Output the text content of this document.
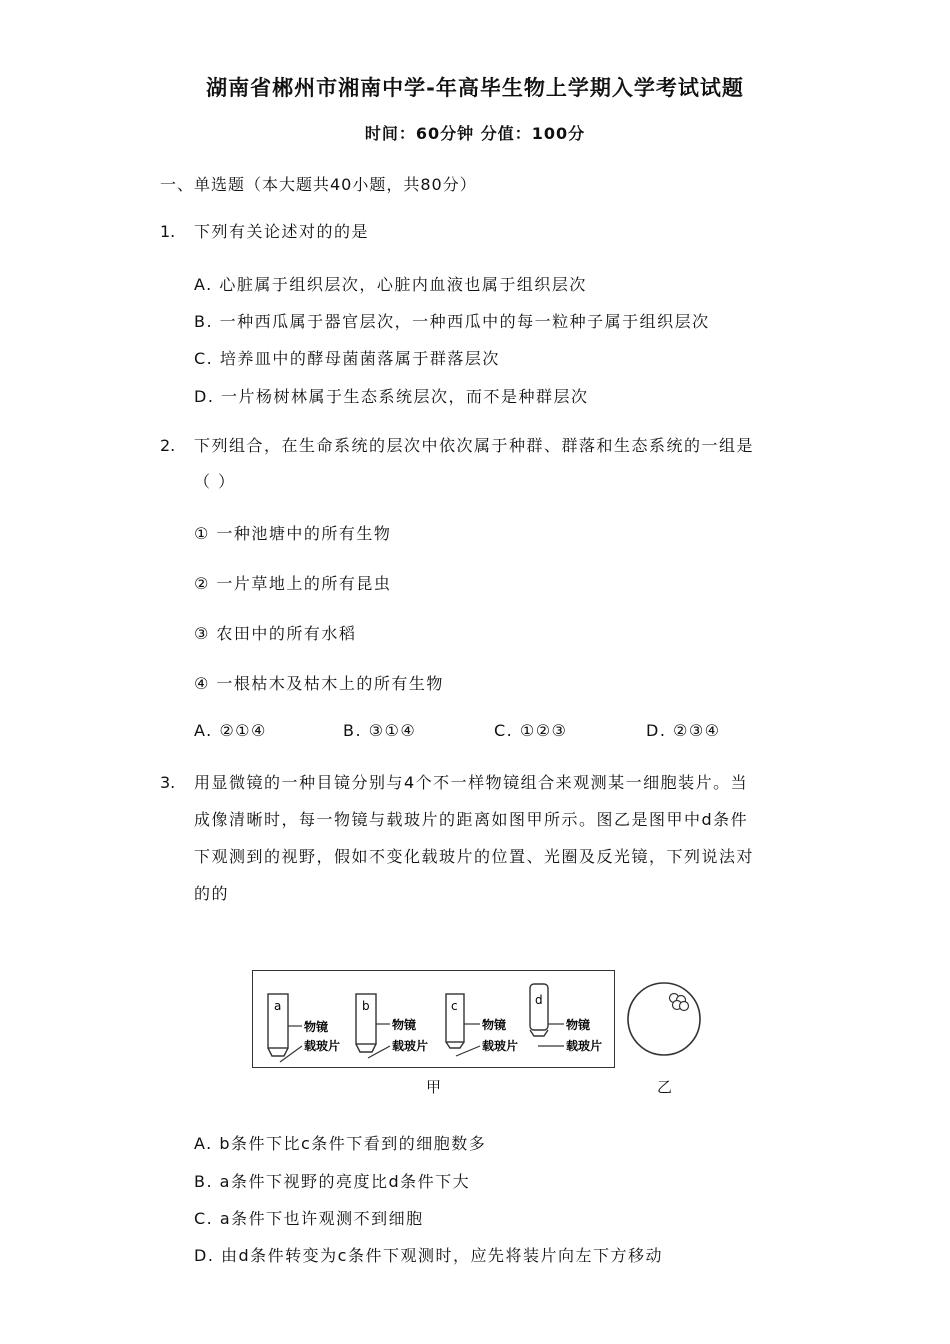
湖南省郴州市湘南中学-年高毕生物上学期入学考试试题
时间：60分钟 分值：100分
一、单选题（本大题共40小题，共80分）
1. 下列有关论述对的的是
A. 心脏属于组织层次，心脏内血液也属于组织层次
B. 一种西瓜属于器官层次，一种西瓜中的每一粒种子属于组织层次
C. 培养皿中的酵母菌菌落属于群落层次
D. 一片杨树林属于生态系统层次，而不是种群层次
2. 下列组合，在生命系统的层次中依次属于种群、群落和生态系统的一组是
（ ）
① 一种池塘中的所有生物
② 一片草地上的所有昆虫
③ 农田中的所有水稻
④ 一根枯木及枯木上的所有生物
A. ②①④	B. ③①④	C. ①②③	D. ②③④
3. 用显微镜的一种目镜分别与4个不一样物镜组合来观测某一细胞装片。当
成像清晰时，每一物镜与载玻片的距离如图甲所示。图乙是图甲中d条件
下观测到的视野，假如不变化载玻片的位置、光圈及反光镜，下列说法对
的的
a
物镜
载玻片
b
物镜
载玻片
c
物镜
载玻片
d
物镜
载玻片
甲	乙
A. b条件下比c条件下看到的细胞数多
B. a条件下视野的亮度比d条件下大
C. a条件下也许观测不到细胞
D. 由d条件转变为c条件下观测时，应先将装片向左下方移动
